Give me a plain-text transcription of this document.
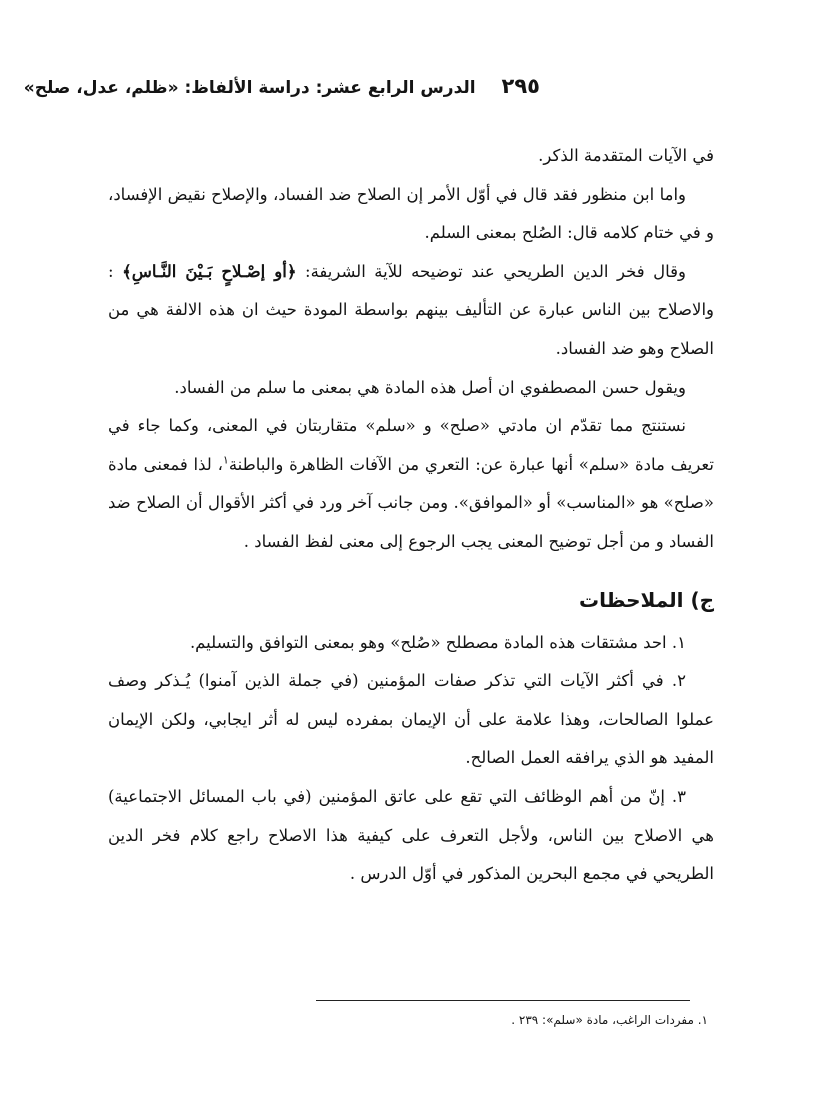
٢٩٥ الدرس الرابع عشر: دراسة الألفاظ: «ظلم، عدل، صلح»

في الآيات المتقدمة الذكر.

واما ابن منظور فقد قال في أوّل الأمر إن الصلاح ضد الفساد، والإصلاح نقيض الإفساد، و في ختام كلامه قال: الصُلح بمعنى السلم.

وقال فخر الدين الطريحي عند توضيحه للآية الشريفة: ﴿أو إصْـلاحٍ بَـيْنَ النَّـاسِ﴾ : والاصلاح بين الناس عبارة عن التأليف بينهم بواسطة المودة حيث ان هذه الالفة هي من الصلاح وهو ضد الفساد.

ويقول حسن المصطفوي ان أصل هذه المادة هي بمعنى ما سلم من الفساد.

نستنتج مما تقدّم ان مادتي «صلح» و «سلم» متقاربتان في المعنى، وكما جاء في تعريف مادة «سلم» أنها عبارة عن: التعري من الآفات الظاهرة والباطنة$^١$، لذا فمعنى مادة «صلح» هو «المناسب» أو «الموافق». ومن جانب آخر ورد في أكثر الأقوال أن الصلاح ضد الفساد و من أجل توضيح المعنى يجب الرجوع إلى معنى لفظ الفساد .

ج) الملاحظات

١. احد مشتقات هذه المادة مصطلح «صُلح» وهو بمعنى التوافق والتسليم.

٢. في أكثر الآيات التي تذكر صفات المؤمنين (في جملة الذين آمنوا) يُـذكر وصف عملوا الصالحات، وهذا علامة على أن الإيمان بمفرده ليس له أثر ايجابي، ولكن الإيمان المفيد هو الذي يرافقه العمل الصالح.

٣. إنّ من أهم الوظائف التي تقع على عاتق المؤمنين (في باب المسائل الاجتماعية) هي الاصلاح بين الناس، ولأجل التعرف على كيفية هذا الاصلاح راجع كلام فخر الدين الطريحي في مجمع البحرين المذكور في أوّل الدرس .

١. مفردات الراغب، مادة «سلم»: ٢٣٩ .
